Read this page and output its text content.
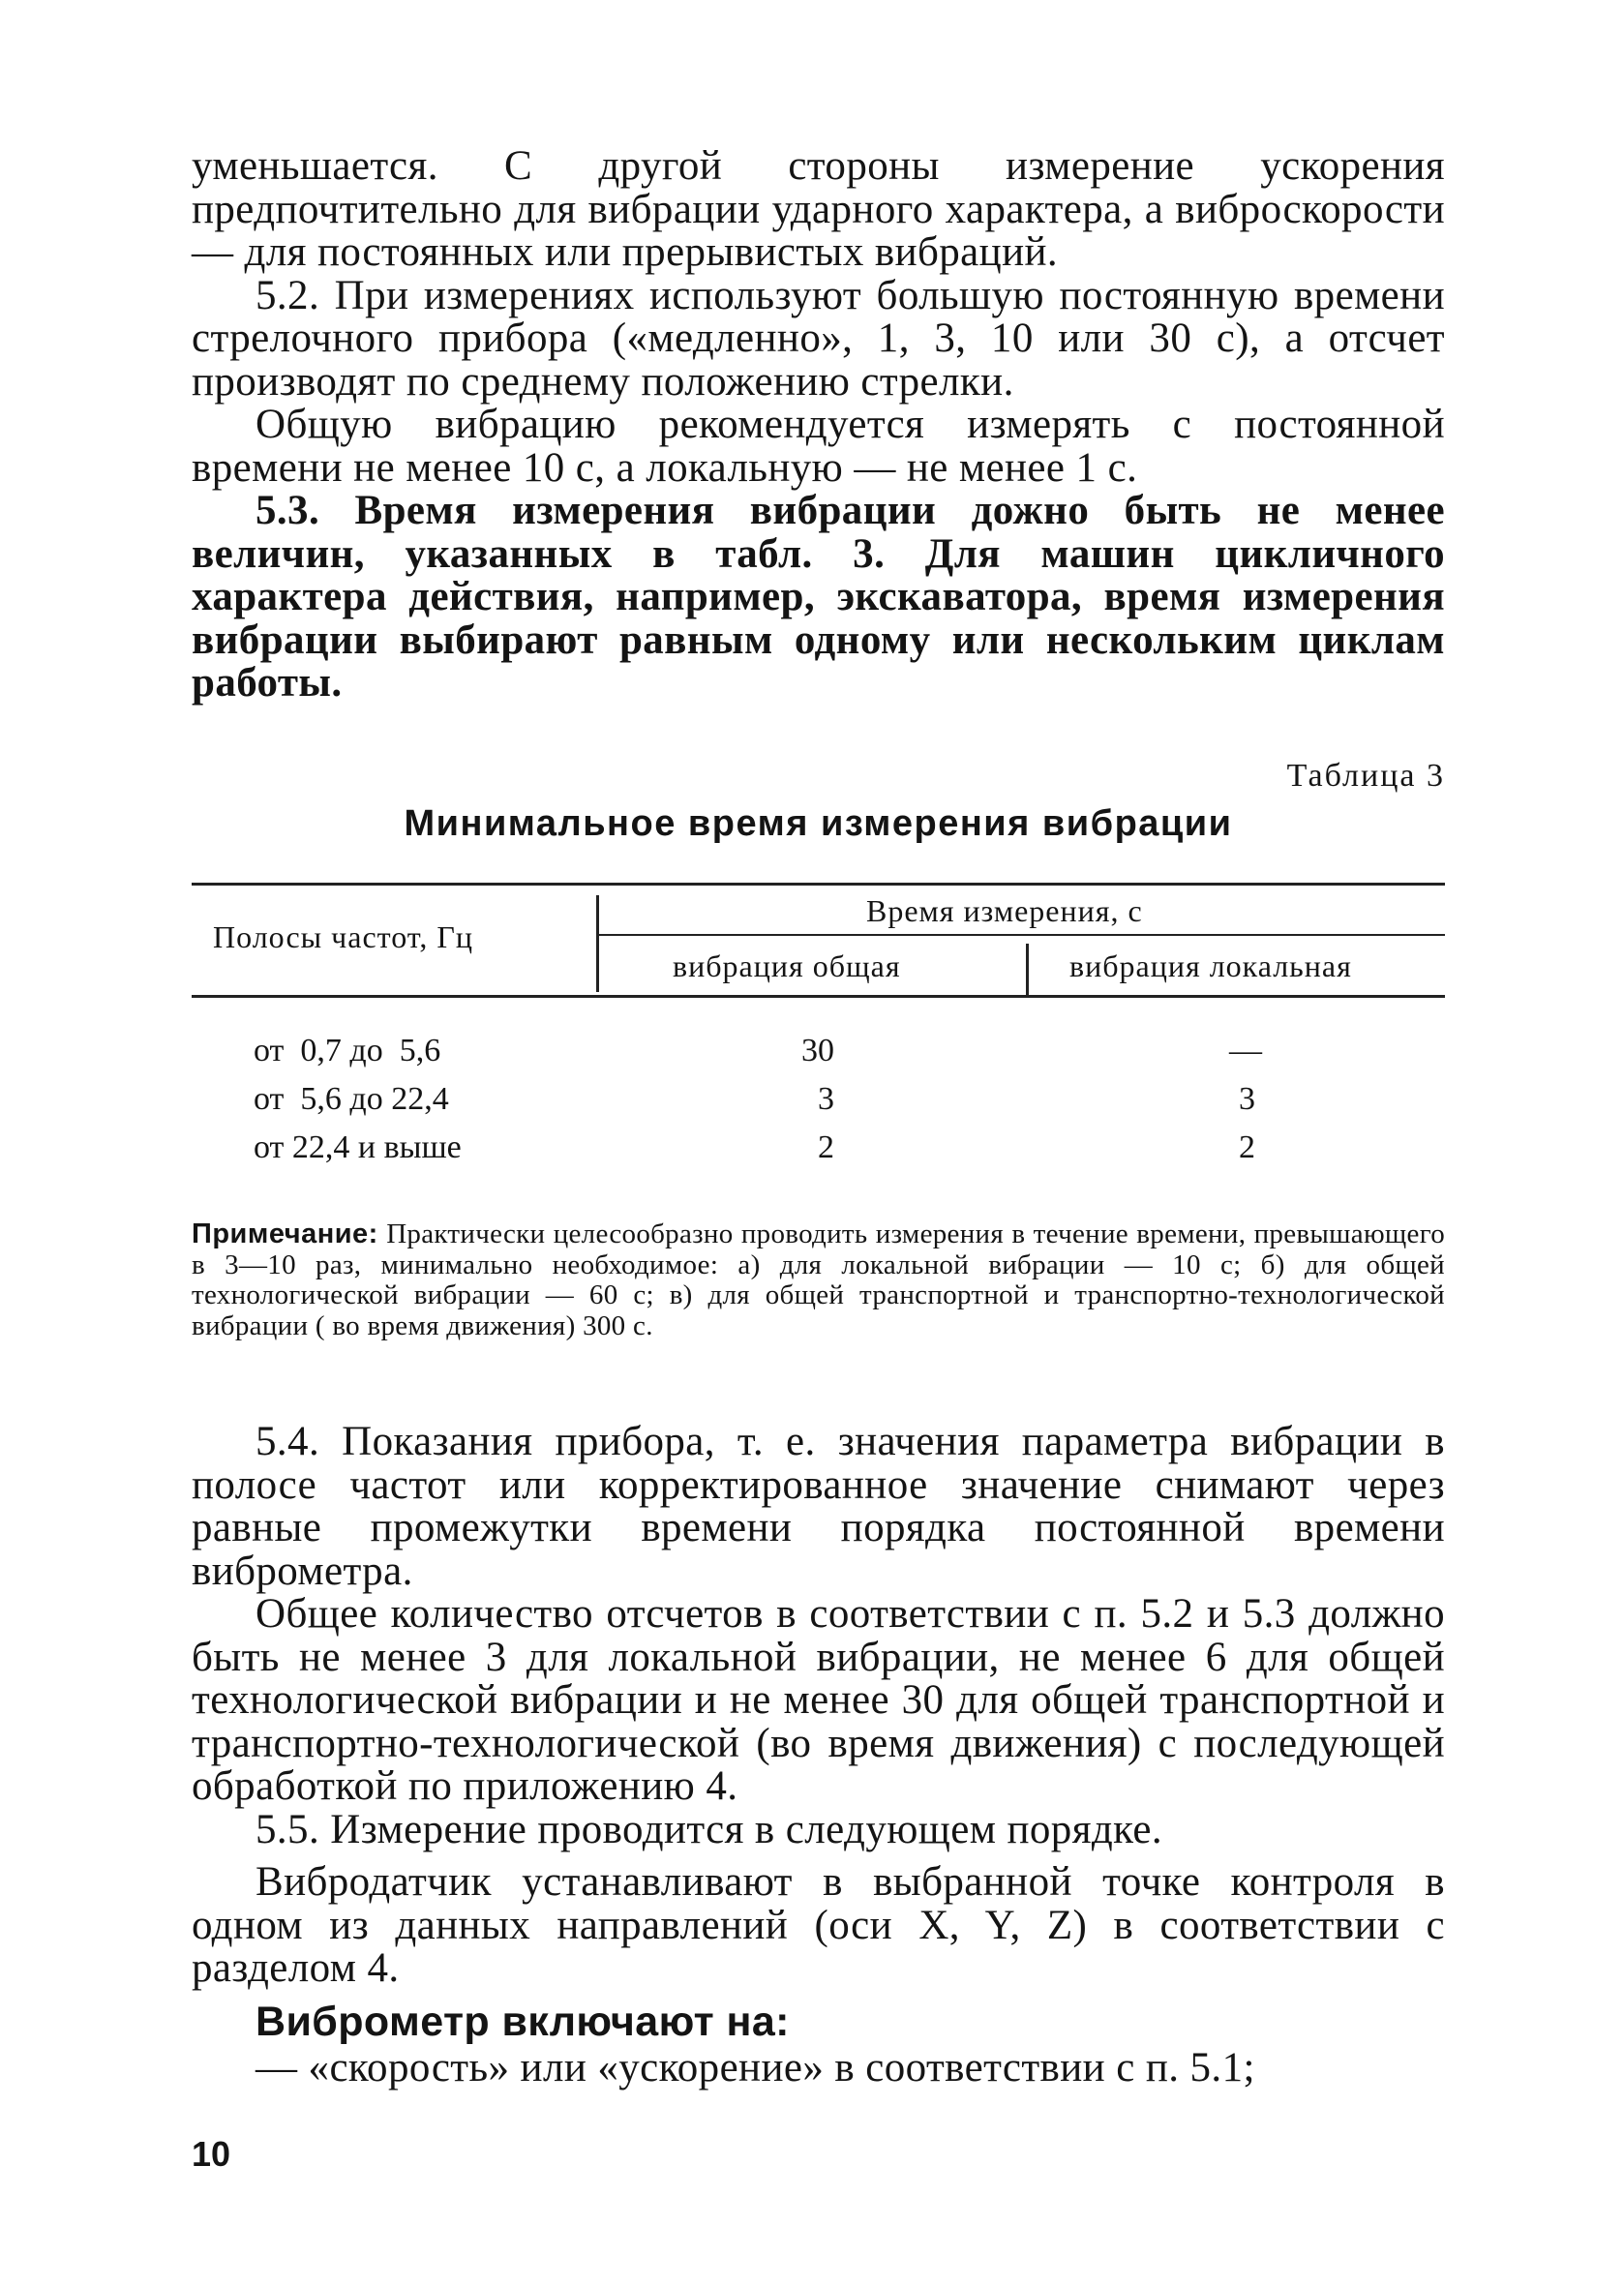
уменьшается. С другой стороны измерение ускорения предпочтительно для вибрации ударного характера, а виброскорости — для постоянных или прерывистых вибраций.

5.2. При измерениях используют большую постоянную времени стрелочного прибора («медленно», 1, 3, 10 или 30 с), а отсчет производят по среднему положению стрелки.

Общую вибрацию рекомендуется измерять с постоянной времени не менее 10 с, а локальную — не менее 1 с.

5.3. Время измерения вибрации дожно быть не менее величин, указанных в табл. 3. Для машин цикличного характера действия, например, экскаватора, время измерения вибрации выбирают равным одному или нескольким циклам работы.

Таблица 3
Минимальное время измерения вибрации
Полосы частот, Гц
Время измерения, с
вибрация общая	вибрация локальная
от  0,7 до  5,6	30	—
от  5,6 до 22,4	3	3
от 22,4 и выше	2	2
Примечание: Практически целесообразно проводить измерения в течение времени, превышающего в 3—10 раз, минимально необходимое: а) для локальной вибрации — 10 с; б) для общей технологической вибрации — 60 с; в) для общей транспортной и транспортно-технологической вибрации ( во время движения) 300 с.

5.4. Показания прибора, т. е. значения параметра вибрации в полосе частот или корректированное значение снимают через равные промежутки времени порядка постоянной времени виброметра.

Общее количество отсчетов в соответствии с п. 5.2 и 5.3 должно быть не менее 3 для локальной вибрации, не менее 6 для общей технологической вибрации и не менее 30 для общей транспортной и транспортно-технологической (во время движения) с последующей обработкой по приложению 4.

5.5. Измерение проводится в следующем порядке.

Вибродатчик устанавливают в выбранной точке контроля в одном из данных направлений (оси X, Y, Z) в соответствии с разделом 4.

Виброметр включают на:

— «скорость» или «ускорение» в соответствии с п. 5.1;

10
